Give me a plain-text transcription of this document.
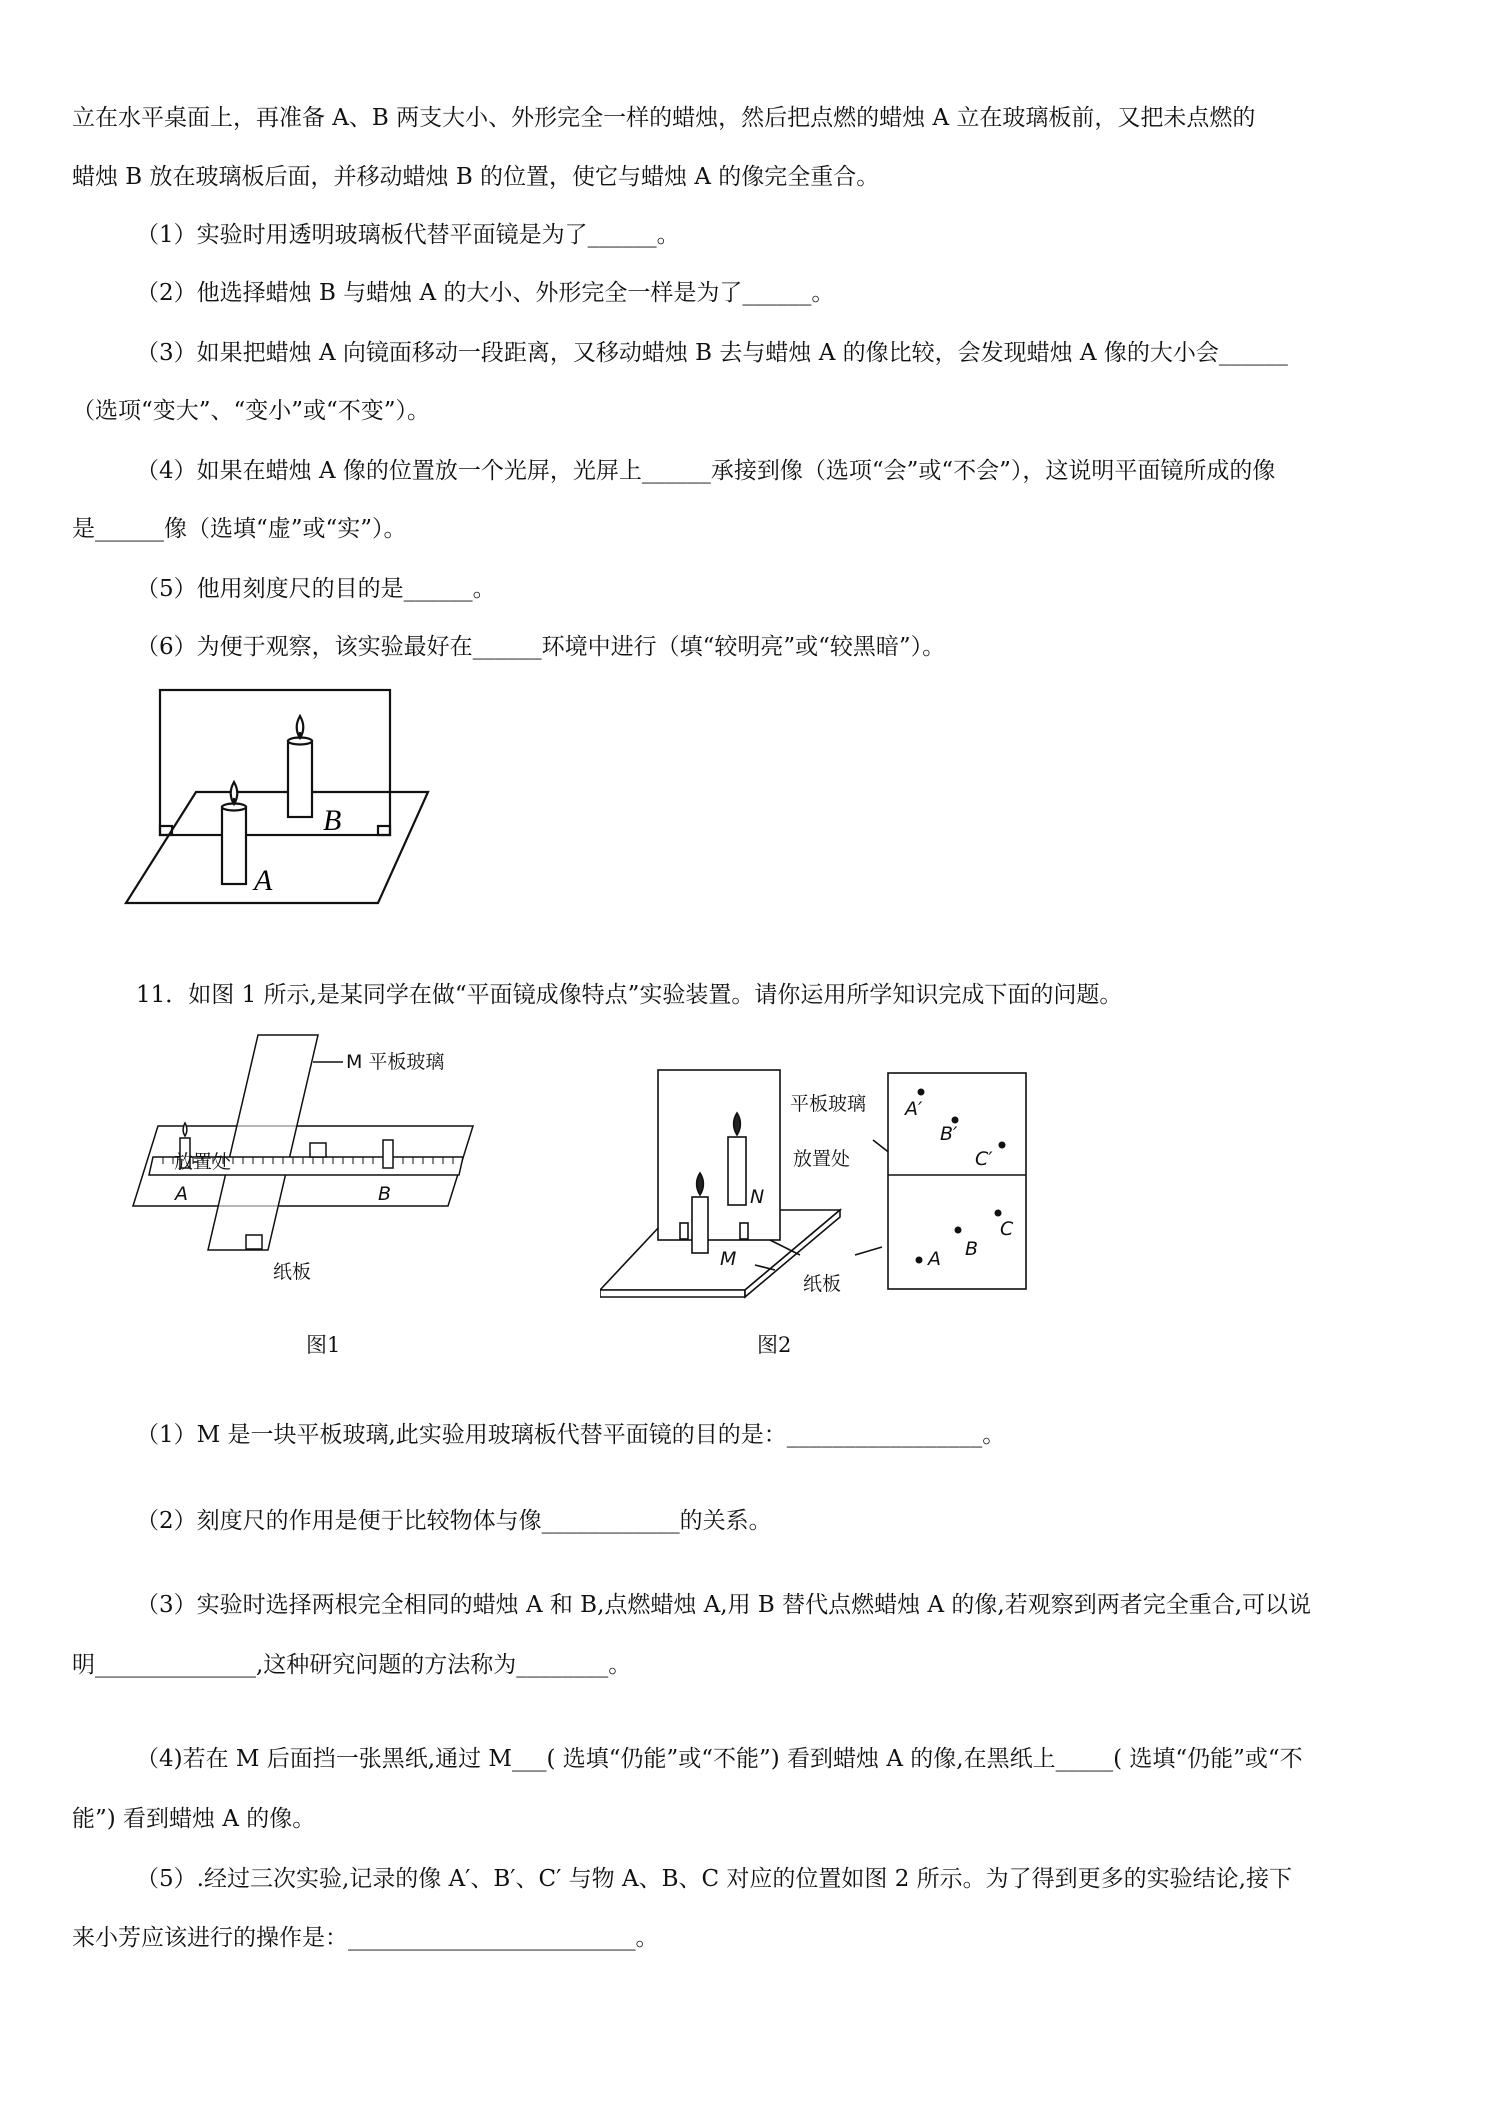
立在水平桌面上，再准备 A、B 两支大小、外形完全一样的蜡烛，然后把点燃的蜡烛 A 立在玻璃板前，又把未点燃的
蜡烛 B 放在玻璃板后面，并移动蜡烛 B 的位置，使它与蜡烛 A 的像完全重合。
（1）实验时用透明玻璃板代替平面镜是为了______。
（2）他选择蜡烛 B 与蜡烛 A 的大小、外形完全一样是为了______。
（3）如果把蜡烛 A 向镜面移动一段距离，又移动蜡烛 B 去与蜡烛 A 的像比较，会发现蜡烛 A 像的大小会______
（选项“变大”、“变小”或“不变”）。
（4）如果在蜡烛 A 像的位置放一个光屏，光屏上______承接到像（选项“会”或“不会”），这说明平面镜所成的像
是______像（选填“虚”或“实”）。
（5）他用刻度尺的目的是______。
（6）为便于观察，该实验最好在______环境中进行（填“较明亮”或“较黑暗”）。
B
A
11．如图 1 所示,是某同学在做“平面镜成像特点”实验装置。请你运用所学知识完成下面的问题。
M 平板玻璃
放置处
A	B
纸板
图1
平板玻璃
放置处
纸板
N
M
A′
B′
C′
A B
C
图2
（1）M 是一块平板玻璃,此实验用玻璃板代替平面镜的目的是：_________________。
（2）刻度尺的作用是便于比较物体与像____________的关系。
（3）实验时选择两根完全相同的蜡烛 A 和 B,点燃蜡烛 A,用 B 替代点燃蜡烛 A 的像,若观察到两者完全重合,可以说
明______________,这种研究问题的方法称为________。
（4)若在 M 后面挡一张黑纸,通过 M___( 选填“仍能”或“不能”) 看到蜡烛 A 的像,在黑纸上_____( 选填“仍能”或“不
能”) 看到蜡烛 A 的像。
（5）.经过三次实验,记录的像 A′、B′、C′ 与物 A、B、C 对应的位置如图 2 所示。为了得到更多的实验结论,接下
来小芳应该进行的操作是：_________________________。
